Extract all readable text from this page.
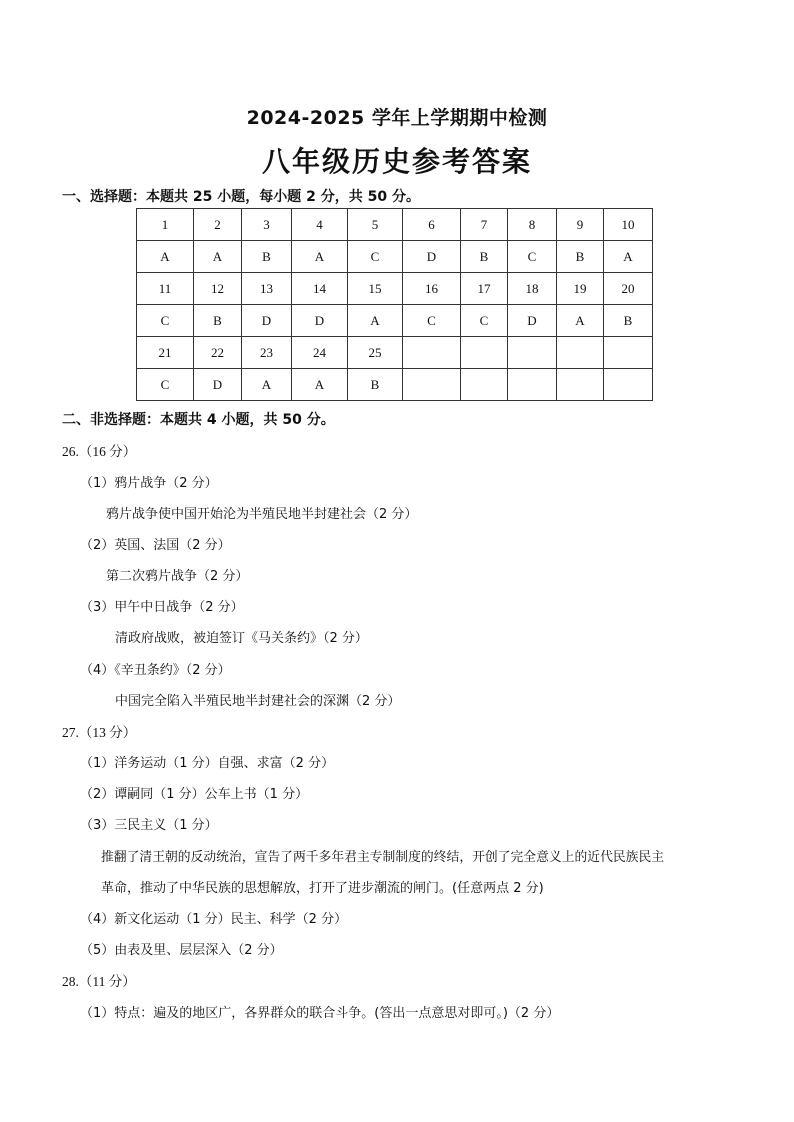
2024-2025 学年上学期期中检测
八年级历史参考答案
一、选择题：本题共 25 小题，每小题 2 分，共 50 分。
1	2	3	4	5	6	7	8	9	10
A	A	B	A	C	D	B	C	B	A
11	12	13	14	15	16	17	18	19	20
C	B	D	D	A	C	C	D	A	B
21	22	23	24	25					
C	D	A	A	B					
二、非选择题：本题共 4 小题，共 50 分。
26.（16 分）
（1）鸦片战争（2 分）
鸦片战争使中国开始沦为半殖民地半封建社会（2 分）
（2）英国、法国（2 分）
第二次鸦片战争（2 分）
（3）甲午中日战争（2 分）
清政府战败，被迫签订《马关条约》（2 分）
（4）《辛丑条约》（2 分）
中国完全陷入半殖民地半封建社会的深渊（2 分）
27.（13 分）
（1）洋务运动（1 分）自强、求富（2 分）
（2）谭嗣同（1 分）公车上书（1 分）
（3）三民主义（1 分）
推翻了清王朝的反动统治，宣告了两千多年君主专制制度的终结，开创了完全意义上的近代民族民主
革命，推动了中华民族的思想解放，打开了进步潮流的闸门。(任意两点 2 分)
（4）新文化运动（1 分）民主、科学（2 分）
（5）由表及里、层层深入（2 分）
28.（11 分）
（1）特点：遍及的地区广，各界群众的联合斗争。(答出一点意思对即可。)（2 分）
